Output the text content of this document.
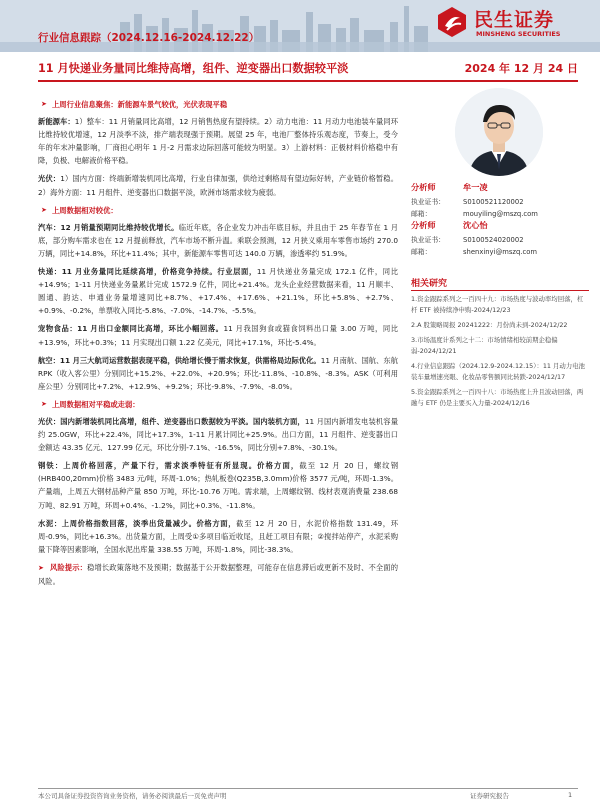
行业信息跟踪（2024.12.16-2024.12.22）
民生证券
MINSHENG SECURITIES
11 月快递业务量同比维持高增，组件、逆变器出口数据较平淡	2024 年 12 月 24 日

➤ 上周行业信息聚焦：新能源车景气较优，光伏表现平稳

新能源车：1）整车：11 月销量同比高增，12 月销售热度有望持续。2）动力电池：11 月动力电池装车量同环比维持较优增速，12 月淡季不淡，排产端表现强于预期。展望 25 年，电池厂整体持乐观态度，节奏上，受今年的年末冲量影响，厂商担心明年 1 月-2 月需求边际回落可能较为明显。3）上游材料：正极材料价格稳中有降，负极、电解液价格平稳。

光伏：1）国内方面：终端新增装机同比高增，行业自律加强，供给过剩格局有望边际好转，产业链价格暂稳。2）海外方面：11 月组件、逆变器出口数据平淡，欧洲市场需求较为疲弱。

➤ 上周数据相对较优：

汽车：12 月销量预期同比维持较优增长。临近年底，各企业发力冲击年底目标，并且由于 25 年春节在 1 月底，部分购车需求也在 12 月提前释放，汽车市场不断升温。乘联会预测，12 月狭义乘用车零售市场约 270.0 万辆，同比+14.8%，环比+11.4%；其中，新能源车零售可达 140.0 万辆，渗透率约 51.9%。

快递：11 月业务量同比延续高增，价格竞争持续。行业层面，11 月快递业务量完成 172.1 亿件，同比+14.9%；1-11 月快递业务量累计完成 1572.9 亿件，同比+21.4%。龙头企业经营数据来看，11 月顺丰、圆通、韵达、申通业务量增速同比+8.7%、+17.4%、+17.6%、+21.1%，环比+5.8%、+2.7%、+0.9%、-0.2%，单票收入同比-5.8%、-7.0%、-14.7%、-5.5%。

宠物食品：11 月出口金额同比高增，环比小幅回落。11 月我国狗食或猫食饲料出口量 3.00 万吨，同比+13.9%，环比+0.3%；11 月实现出口额 1.22 亿美元，同比+17.1%，环比-5.4%。

航空：11 月三大航司运营数据表现平稳，供给增长慢于需求恢复，供需格局边际优化。11 月南航、国航、东航 RPK（收入客公里）分别同比+15.2%、+22.0%、+20.9%；环比-11.8%、-10.8%、-8.3%。ASK（可利用座公里）分别同比+7.2%、+12.9%、+9.2%；环比-9.8%、-7.9%、-8.0%。

➤ 上周数据相对平稳或走弱：

光伏：国内新增装机同比高增，组件、逆变器出口数据较为平淡。国内装机方面，11 月国内新增发电装机容量约 25.0GW，环比+22.4%，同比+17.3%，1-11 月累计同比+25.9%。出口方面，11 月组件、逆变器出口金额达 43.35 亿元、127.99 亿元，环比分别-7.1%、-16.5%，同比分别+7.8%、-30.1%。

钢铁：上周价格回落，产量下行，需求淡季特征有所显现。价格方面，截至 12 月 20 日，螺纹钢(HRB400,20mm)价格 3483 元/吨，环周-1.0%；热轧板卷(Q235B,3.0mm)价格 3577 元/吨，环周-1.3%。产量端，上周五大钢材品种产量 850 万吨，环比-10.76 万吨。需求端，上周螺纹钢、线材表观消费量 238.68 万吨、82.91 万吨，环周+0.4%、-1.2%，同比+0.3%、-11.8%。

水泥：上周价格指数回落，淡季出货量减少。价格方面，截至 12 月 20 日，水泥价格指数 131.49，环周-0.9%，同比+16.3%。出货量方面，上周受①多项目临近收尾，且赶工项目有限；②搅拌站停产，水泥采购量下降等因素影响，全国水泥出库量 338.55 万吨，环周-1.8%，同比-38.3%。

➤ 风险提示：稳增长政策落地不及预期；数据基于公开数据整理，可能存在信息滞后或更新不及时、不全面的风险。

分析师	牟一凌
执业证书：	S0100521120002
邮箱：	mouyiling@mszq.com
分析师	沈心怡
执业证书：	S0100524020002
邮箱：	shenxinyi@mszq.com
相关研究
1.资金跟踪系列之一百四十九：市场热度与波动率均回落，杠杆 ETF 被持续净申购-2024/12/23
2.A 股策略周报 20241222：月份尚未到-2024/12/22
3.市场温度计系列之十二：市场情绪相较前期企稳偏弱-2024/12/21
4.行业信息跟踪（2024.12.9-2024.12.15）：11 月动力电池装车量增速亮眼、化妆品零售额同比转跌-2024/12/17
5.资金跟踪系列之一百四十八：市场热度上升且波动回落，两融与 ETF 仍是主要买入力量-2024/12/16
本公司具备证券投资咨询业务资格，请务必阅读最后一页免责声明	证券研究报告	1
